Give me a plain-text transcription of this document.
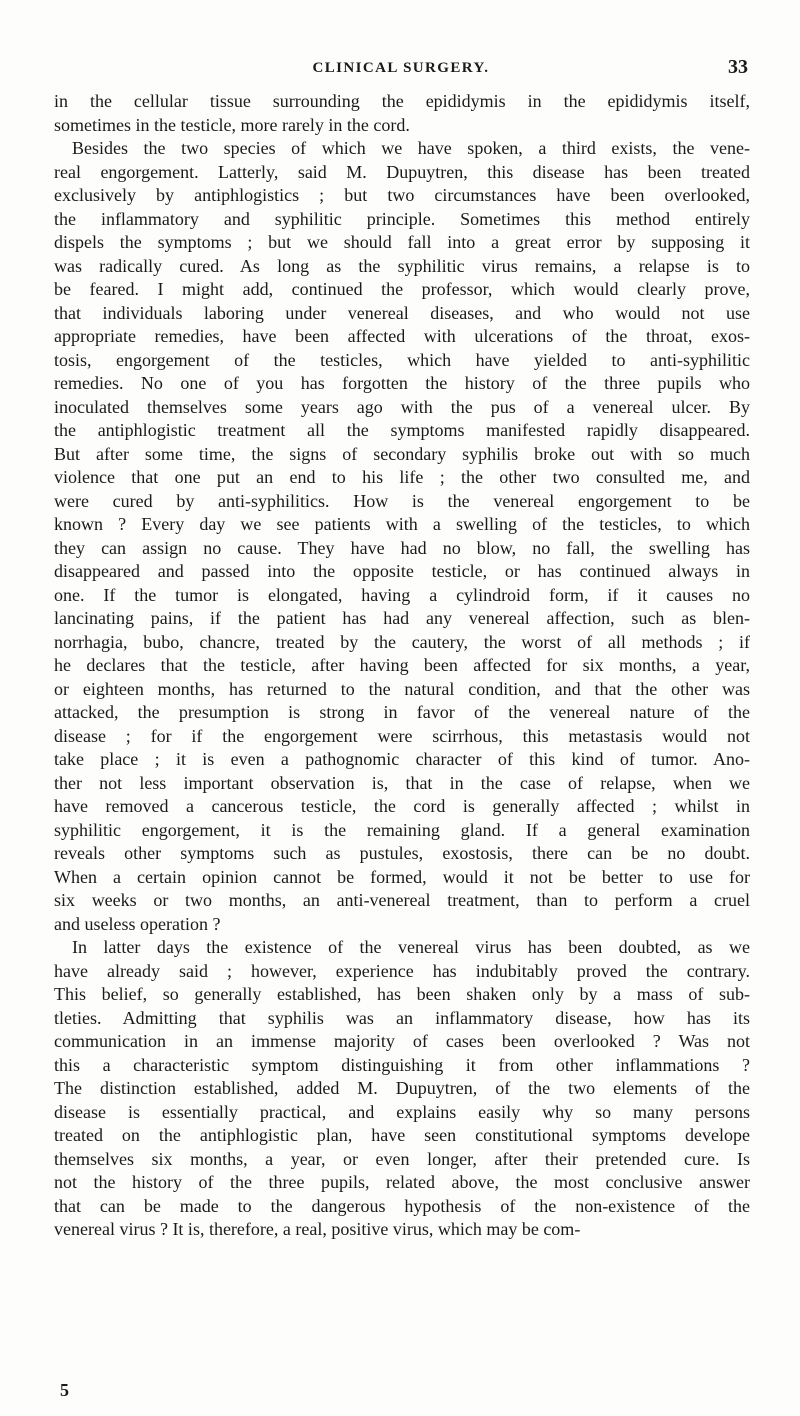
CLINICAL SURGERY.	33
in the cellular tissue surrounding the epididymis in the epididymis itself,
sometimes in the testicle, more rarely in the cord.
Besides the two species of which we have spoken, a third exists, the vene-
real engorgement. Latterly, said M. Dupuytren, this disease has been treated
exclusively by antiphlogistics ; but two circumstances have been overlooked,
the inflammatory and syphilitic principle. Sometimes this method entirely
dispels the symptoms ; but we should fall into a great error by supposing it
was radically cured. As long as the syphilitic virus remains, a relapse is to
be feared. I might add, continued the professor, which would clearly prove,
that individuals laboring under venereal diseases, and who would not use
appropriate remedies, have been affected with ulcerations of the throat, exos-
tosis, engorgement of the testicles, which have yielded to anti-syphilitic
remedies. No one of you has forgotten the history of the three pupils who
inoculated themselves some years ago with the pus of a venereal ulcer. By
the antiphlogistic treatment all the symptoms manifested rapidly disappeared.
But after some time, the signs of secondary syphilis broke out with so much
violence that one put an end to his life ; the other two consulted me, and
were cured by anti-syphilitics. How is the venereal engorgement to be
known ? Every day we see patients with a swelling of the testicles, to which
they can assign no cause. They have had no blow, no fall, the swelling has
disappeared and passed into the opposite testicle, or has continued always in
one. If the tumor is elongated, having a cylindroid form, if it causes no
lancinating pains, if the patient has had any venereal affection, such as blen-
norrhagia, bubo, chancre, treated by the cautery, the worst of all methods ; if
he declares that the testicle, after having been affected for six months, a year,
or eighteen months, has returned to the natural condition, and that the other was
attacked, the presumption is strong in favor of the venereal nature of the
disease ; for if the engorgement were scirrhous, this metastasis would not
take place ; it is even a pathognomic character of this kind of tumor. Ano-
ther not less important observation is, that in the case of relapse, when we
have removed a cancerous testicle, the cord is generally affected ; whilst in
syphilitic engorgement, it is the remaining gland. If a general examination
reveals other symptoms such as pustules, exostosis, there can be no doubt.
When a certain opinion cannot be formed, would it not be better to use for
six weeks or two months, an anti-venereal treatment, than to perform a cruel
and useless operation ?
In latter days the existence of the venereal virus has been doubted, as we
have already said ; however, experience has indubitably proved the contrary.
This belief, so generally established, has been shaken only by a mass of sub-
tleties. Admitting that syphilis was an inflammatory disease, how has its
communication in an immense majority of cases been overlooked ? Was not
this a characteristic symptom distinguishing it from other inflammations ?
The distinction established, added M. Dupuytren, of the two elements of the
disease is essentially practical, and explains easily why so many persons
treated on the antiphlogistic plan, have seen constitutional symptoms develope
themselves six months, a year, or even longer, after their pretended cure. Is
not the history of the three pupils, related above, the most conclusive answer
that can be made to the dangerous hypothesis of the non-existence of the
venereal virus ? It is, therefore, a real, positive virus, which may be com-
5
